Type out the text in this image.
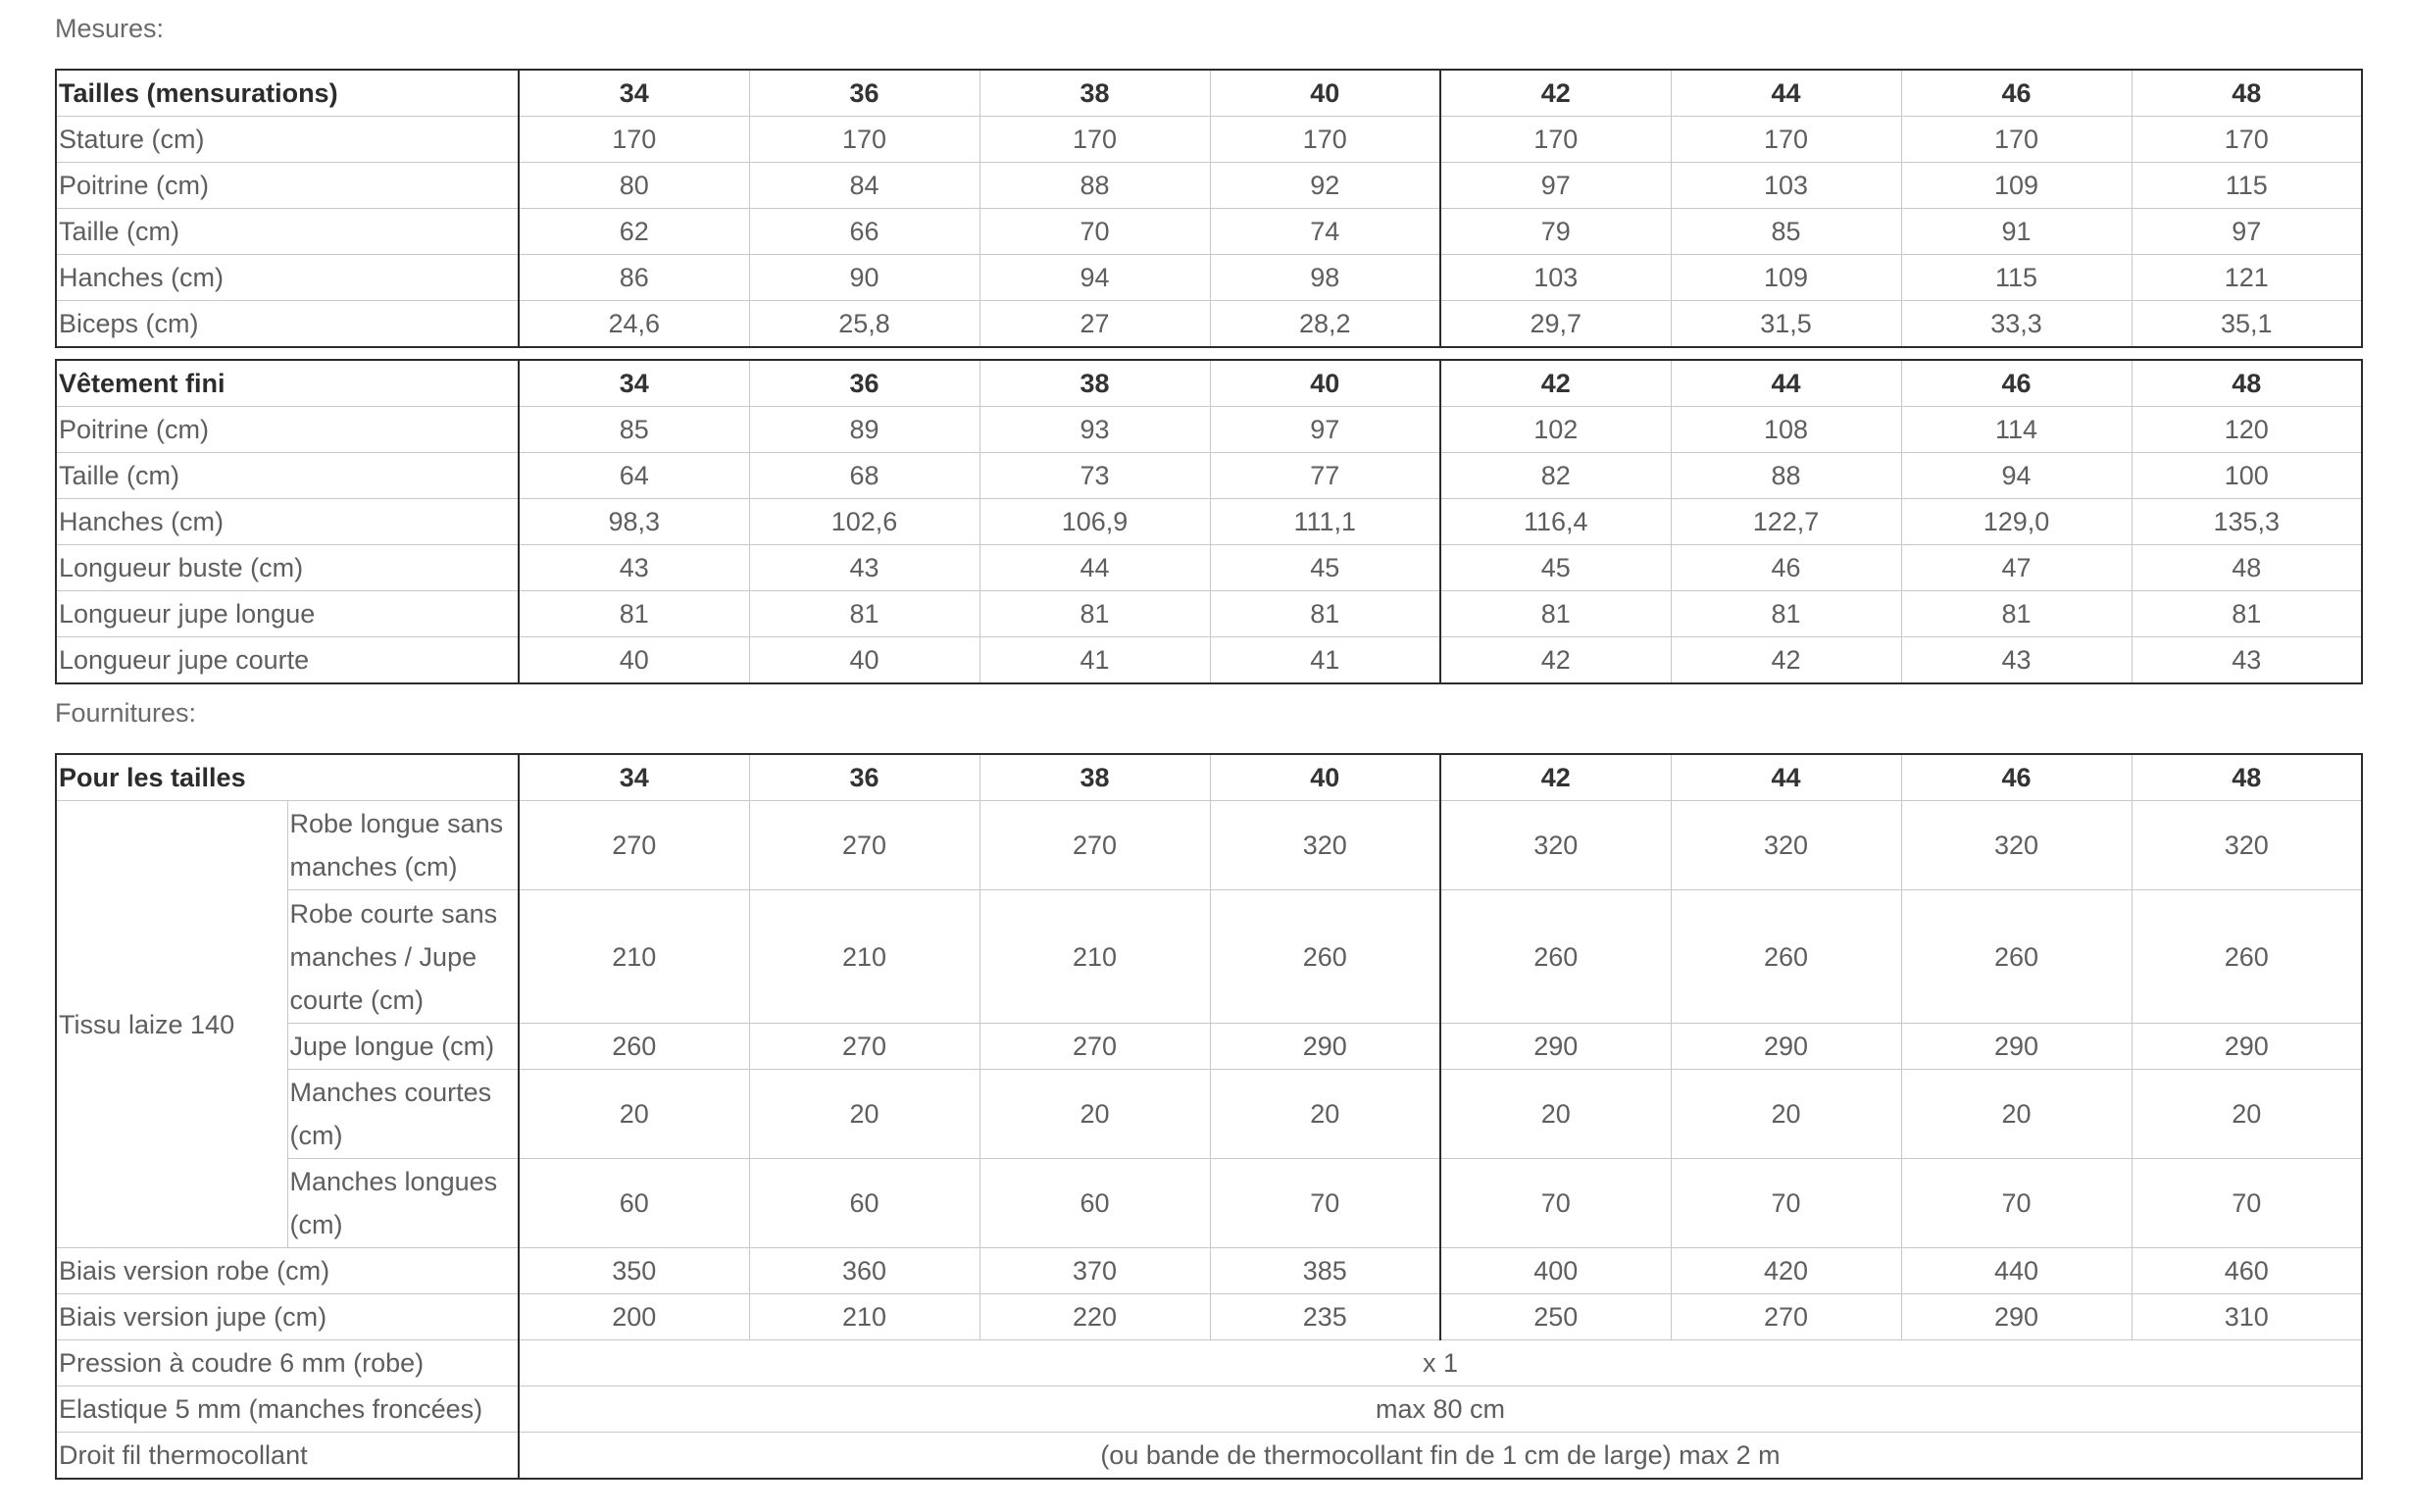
Mesures:
Tailles (mensurations)	34	36	38	40	42	44	46	48
Stature (cm)	170	170	170	170	170	170	170	170
Poitrine (cm)	80	84	88	92	97	103	109	115
Taille (cm)	62	66	70	74	79	85	91	97
Hanches (cm)	86	90	94	98	103	109	115	121
Biceps (cm)	24,6	25,8	27	28,2	29,7	31,5	33,3	35,1
Vêtement fini	34	36	38	40	42	44	46	48
Poitrine (cm)	85	89	93	97	102	108	114	120
Taille (cm)	64	68	73	77	82	88	94	100
Hanches (cm)	98,3	102,6	106,9	111,1	116,4	122,7	129,0	135,3
Longueur buste (cm)	43	43	44	45	45	46	47	48
Longueur jupe longue	81	81	81	81	81	81	81	81
Longueur jupe courte	40	40	41	41	42	42	43	43
Fournitures:
Pour les tailles		34	36	38	40	42	44	46	48
Tissu laize 140	Robe longue sans manches (cm)	270	270	270	320	320	320	320	320
	Robe courte sans manches / Jupe courte (cm)	210	210	210	260	260	260	260	260
	Jupe longue (cm)	260	270	270	290	290	290	290	290
	Manches courtes (cm)	20	20	20	20	20	20	20	20
	Manches longues (cm)	60	60	60	70	70	70	70	70
Biais version robe (cm)		350	360	370	385	400	420	440	460
Biais version jupe (cm)		200	210	220	235	250	270	290	310
Pression à coudre 6 mm (robe)		x 1							
Elastique 5 mm (manches froncées)		max 80 cm							
Droit fil thermocollant		(ou bande de thermocollant fin de 1 cm de large) max 2 m							
